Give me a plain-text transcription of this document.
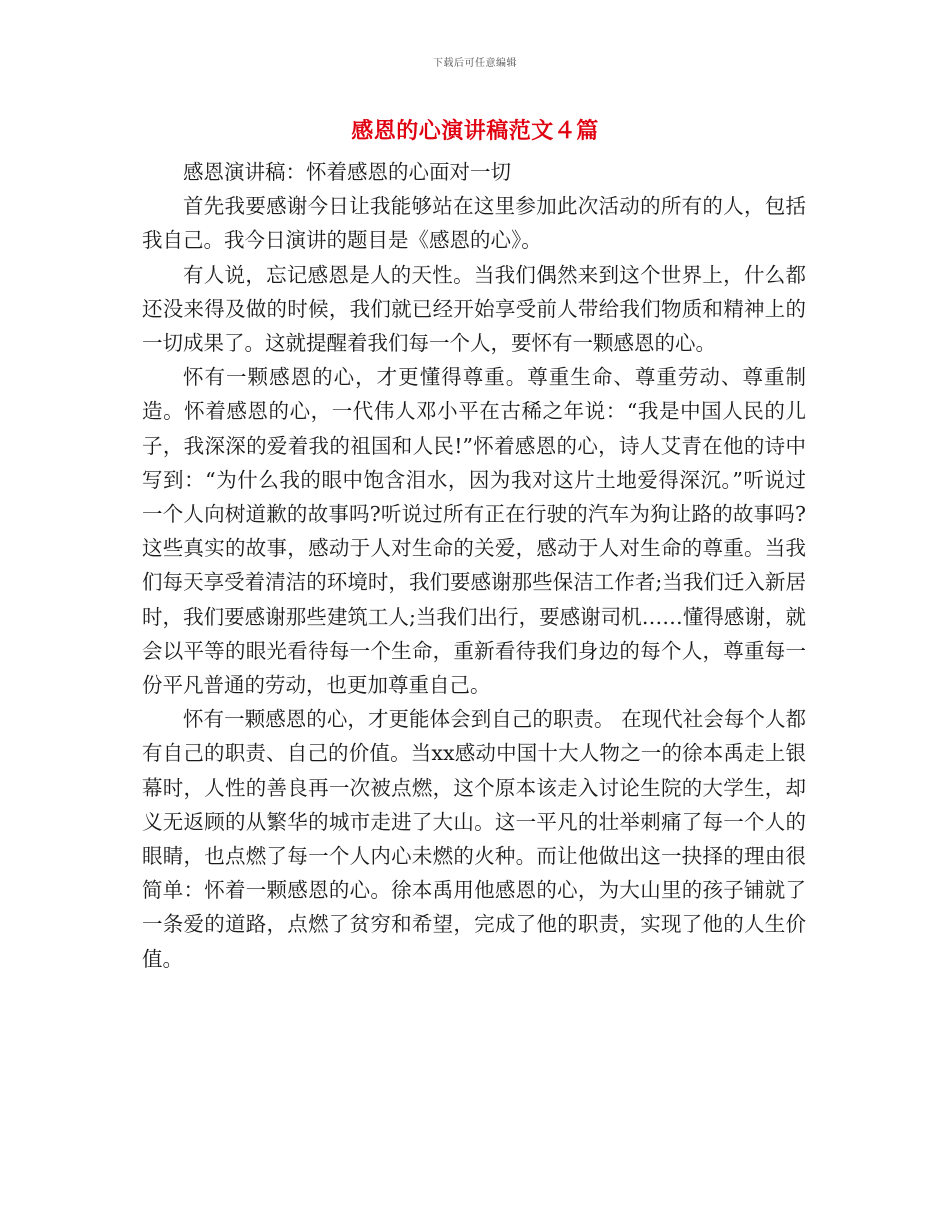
下载后可任意编辑
感恩的心演讲稿范文４篇

感恩演讲稿：怀着感恩的心面对一切

首先我要感谢今日让我能够站在这里参加此次活动的所有的人，包括我自己。我今日演讲的题目是《感恩的心》。

有人说，忘记感恩是人的天性。当我们偶然来到这个世界上，什么都还没来得及做的时候，我们就已经开始享受前人带给我们物质和精神上的一切成果了。这就提醒着我们每一个人，要怀有一颗感恩的心。

怀有一颗感恩的心，才更懂得尊重。尊重生命、尊重劳动、尊重制造。怀着感恩的心，一代伟人邓小平在古稀之年说：“我是中国人民的儿子，我深深的爱着我的祖国和人民!”怀着感恩的心，诗人艾青在他的诗中写到：“为什么我的眼中饱含泪水，因为我对这片土地爱得深沉。”听说过一个人向树道歉的故事吗?听说过所有正在行驶的汽车为狗让路的故事吗?这些真实的故事，感动于人对生命的关爱，感动于人对生命的尊重。当我们每天享受着清洁的环境时，我们要感谢那些保洁工作者;当我们迁入新居时，我们要感谢那些建筑工人;当我们出行，要感谢司机……懂得感谢，就会以平等的眼光看待每一个生命，重新看待我们身边的每个人，尊重每一份平凡普通的劳动，也更加尊重自己。

怀有一颗感恩的心，才更能体会到自己的职责。 在现代社会每个人都有自己的职责、自己的价值。当xx感动中国十大人物之一的徐本禹走上银幕时，人性的善良再一次被点燃，这个原本该走入讨论生院的大学生，却义无返顾的从繁华的城市走进了大山。这一平凡的壮举刺痛了每一个人的眼睛，也点燃了每一个人内心未燃的火种。而让他做出这一抉择的理由很简单：怀着一颗感恩的心。徐本禹用他感恩的心，为大山里的孩子铺就了一条爱的道路，点燃了贫穷和希望，完成了他的职责，实现了他的人生价值。
